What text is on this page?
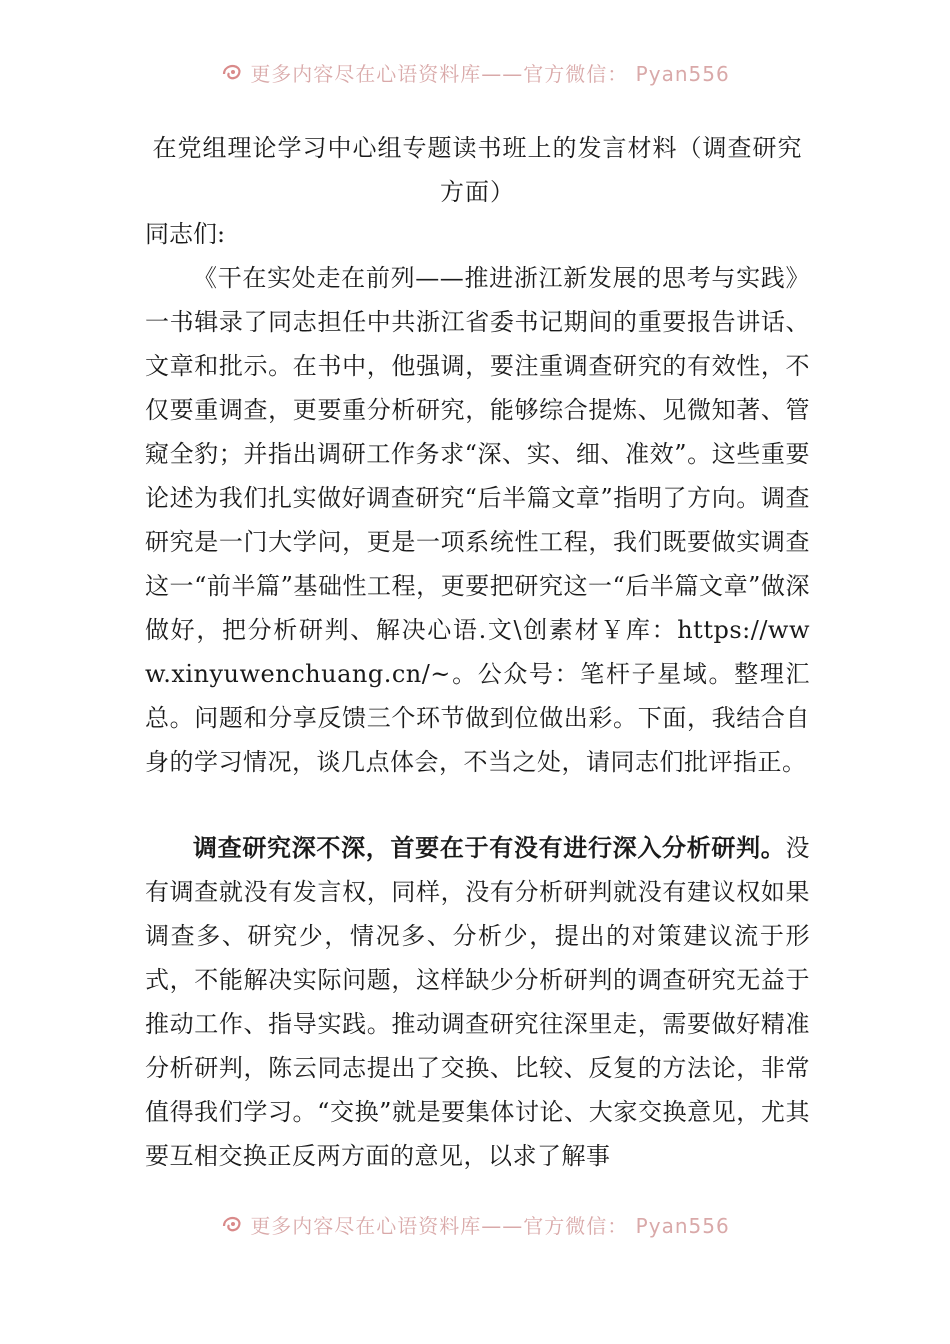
更多内容尽在心语资料库——官方微信： Pyan556
在党组理论学习中心组专题读书班上的发言材料（调查研究方面）
同志们:
《干在实处走在前列——推进浙江新发展的思考与实践》一书辑录了同志担任中共浙江省委书记期间的重要报告讲话、文章和批示。在书中，他强调，要注重调查研究的有效性，不仅要重调查，更要重分析研究，能够综合提炼、见微知著、管窥全豹；并指出调研工作务求“深、实、细、准效”。这些重要论述为我们扎实做好调查研究“后半篇文章”指明了方向。调查研究是一门大学问，更是一项系统性工程，我们既要做实调查这一“前半篇”基础性工程，更要把研究这一“后半篇文章”做深做好，把分析研判、解决心语.文\创素材￥库：https://www.xinyuwenchuang.cn/~。公众号：笔杆子星域。整理汇总。问题和分享反馈三个环节做到位做出彩。下面，我结合自身的学习情况，谈几点体会，不当之处，请同志们批评指正。
调查研究深不深，首要在于有没有进行深入分析研判。没有调查就没有发言权，同样，没有分析研判就没有建议权如果调查多、研究少，情况多、分析少，提出的对策建议流于形式，不能解决实际问题，这样缺少分析研判的调查研究无益于推动工作、指导实践。推动调查研究往深里走，需要做好精准分析研判，陈云同志提出了交换、比较、反复的方法论，非常值得我们学习。“交换”就是要集体讨论、大家交换意见，尤其要互相交换正反两方面的意见，以求了解事
更多内容尽在心语资料库——官方微信： Pyan556
